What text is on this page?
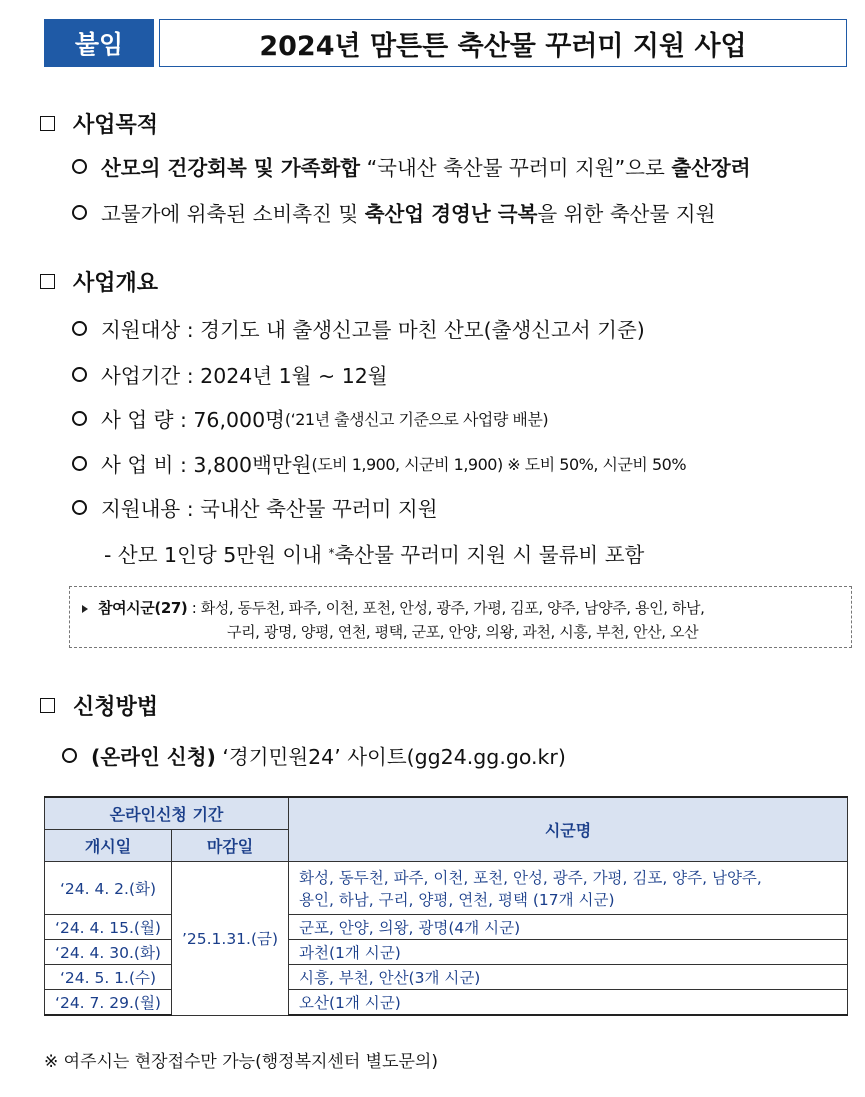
붙임	2024년 맘튼튼 축산물 꾸러미 지원 사업
사업목적
산모의 건강회복 및 가족화합 “국내산 축산물 꾸러미 지원”으로 출산장려
고물가에 위축된 소비촉진 및 축산업 경영난 극복 을 위한 축산물 지원
사업개요
지원대상 : 경기도 내 출생신고를 마친 산모(출생신고서 기준)
사업기간 : 2024년 1월 ~ 12월
사 업 량 : 76,000명 (‘21년 출생신고 기준으로 사업량 배분)
사 업 비 : 3,800백만원 (도비 1,900, 시군비 1,900) ※ 도비 50%, 시군비 50%
지원내용 : 국내산 축산물 꾸러미 지원
- 산모 1인당 5만원 이내 * 축산물 꾸러미 지원 시 물류비 포함
참여시군(27) : 화성, 동두천, 파주, 이천, 포천, 안성, 광주, 가평, 김포, 양주, 남양주, 용인, 하남,
구리, 광명, 양평, 연천, 평택, 군포, 안양, 의왕, 과천, 시흥, 부천, 안산, 오산
신청방법
(온라인 신청) ‘경기민원24’ 사이트(gg24.gg.go.kr)
온라인신청 기간		시군명
개시일	마감일	
‘24. 4. 2.(화)	’25.1.31.(금)	화성, 동두천, 파주, 이천, 포천, 안성, 광주, 가평, 김포, 양주, 남양주,
용인, 하남, 구리, 양평, 연천, 평택 (17개 시군)

‘24. 4. 15.(월)		군포, 안양, 의왕, 광명(4개 시군)
‘24. 4. 30.(화)		과천(1개 시군)
‘24. 5. 1.(수)		시흥, 부천, 안산(3개 시군)
‘24. 7. 29.(월)		오산(1개 시군)
※ 여주시는 현장접수만 가능(행정복지센터 별도문의)
